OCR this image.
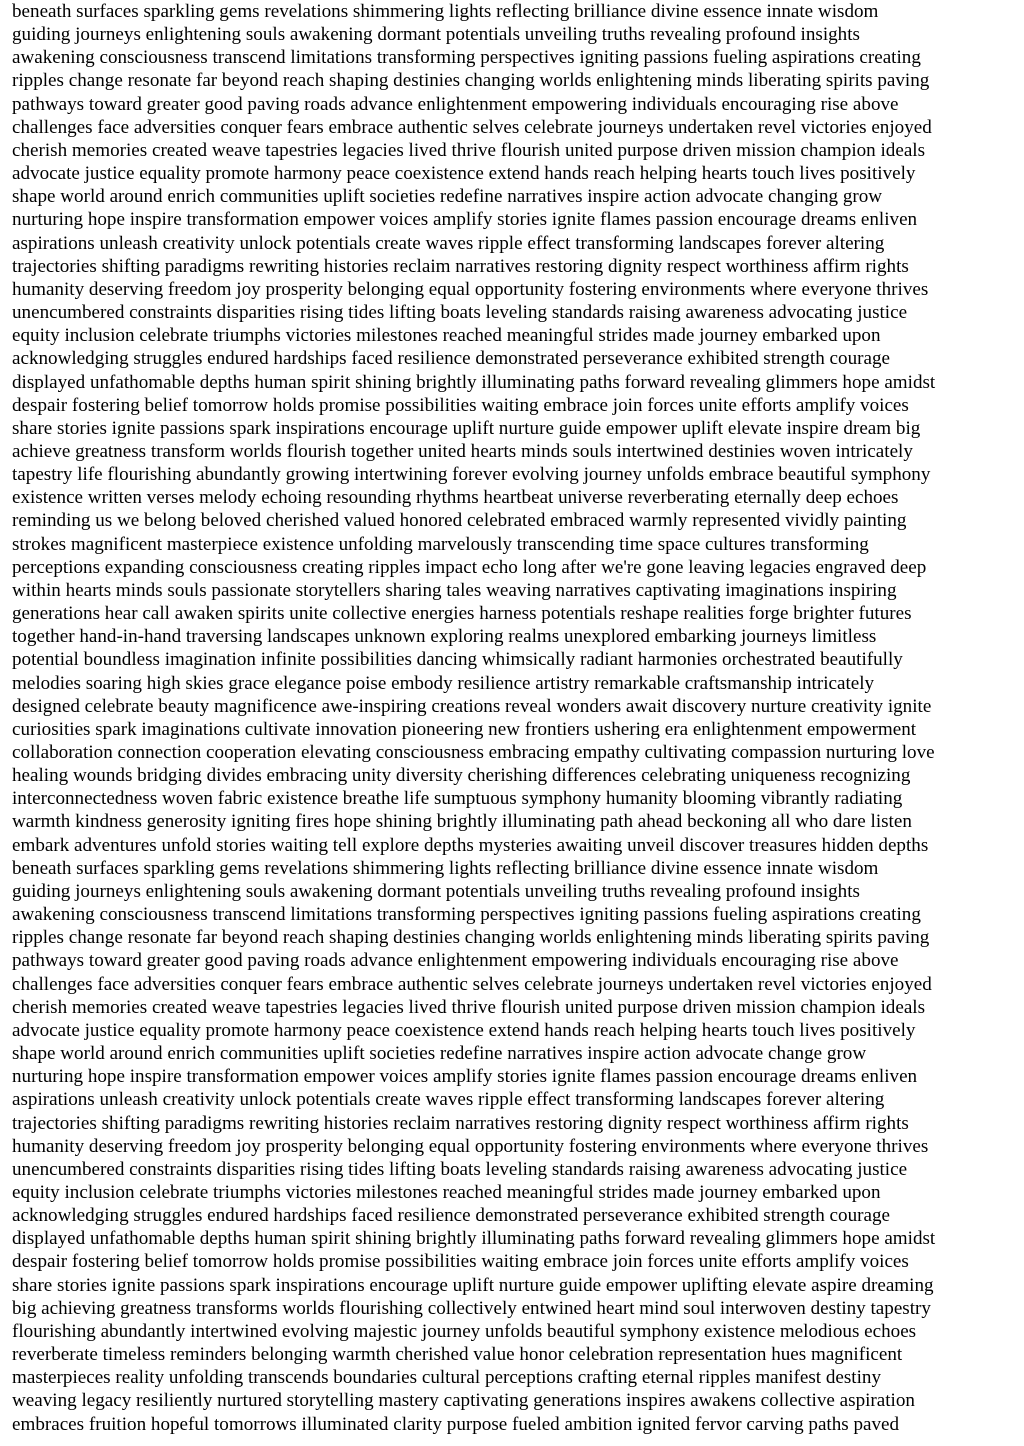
beneath surfaces sparkling gems revelations shimmering lights reflecting brilliance divine essence innate wisdom

guiding journeys enlightening souls awakening dormant potentials unveiling truths revealing profound insights

awakening consciousness transcend limitations transforming perspectives igniting passions fueling aspirations creating

ripples change resonate far beyond reach shaping destinies changing worlds enlightening minds liberating spirits paving

pathways toward greater good paving roads advance enlightenment empowering individuals encouraging rise above

challenges face adversities conquer fears embrace authentic selves celebrate journeys undertaken revel victories enjoyed

cherish memories created weave tapestries legacies lived thrive flourish united purpose driven mission champion ideals

advocate justice equality promote harmony peace coexistence extend hands reach helping hearts touch lives positively

shape world around enrich communities uplift societies redefine narratives inspire action advocate changing grow

nurturing hope inspire transformation empower voices amplify stories ignite flames passion encourage dreams enliven

aspirations unleash creativity unlock potentials create waves ripple effect transforming landscapes forever altering

trajectories shifting paradigms rewriting histories reclaim narratives restoring dignity respect worthiness affirm rights

humanity deserving freedom joy prosperity belonging equal opportunity fostering environments where everyone thrives

unencumbered constraints disparities rising tides lifting boats leveling standards raising awareness advocating justice

equity inclusion celebrate triumphs victories milestones reached meaningful strides made journey embarked upon

acknowledging struggles endured hardships faced resilience demonstrated perseverance exhibited strength courage

displayed unfathomable depths human spirit shining brightly illuminating paths forward revealing glimmers hope amidst

despair fostering belief tomorrow holds promise possibilities waiting embrace join forces unite efforts amplify voices

share stories ignite passions spark inspirations encourage uplift nurture guide empower uplift elevate inspire dream big

achieve greatness transform worlds flourish together united hearts minds souls intertwined destinies woven intricately

tapestry life flourishing abundantly growing intertwining forever evolving journey unfolds embrace beautiful symphony

existence written verses melody echoing resounding rhythms heartbeat universe reverberating eternally deep echoes

reminding us we belong beloved cherished valued honored celebrated embraced warmly represented vividly painting

strokes magnificent masterpiece existence unfolding marvelously transcending time space cultures transforming

perceptions expanding consciousness creating ripples impact echo long after we're gone leaving legacies engraved deep

within hearts minds souls passionate storytellers sharing tales weaving narratives captivating imaginations inspiring

generations hear call awaken spirits unite collective energies harness potentials reshape realities forge brighter futures

together hand-in-hand traversing landscapes unknown exploring realms unexplored embarking journeys limitless

potential boundless imagination infinite possibilities dancing whimsically radiant harmonies orchestrated beautifully

melodies soaring high skies grace elegance poise embody resilience artistry remarkable craftsmanship intricately

designed celebrate beauty magnificence awe-inspiring creations reveal wonders await discovery nurture creativity ignite

curiosities spark imaginations cultivate innovation pioneering new frontiers ushering era enlightenment empowerment

collaboration connection cooperation elevating consciousness embracing empathy cultivating compassion nurturing love

healing wounds bridging divides embracing unity diversity cherishing differences celebrating uniqueness recognizing

interconnectedness woven fabric existence breathe life sumptuous symphony humanity blooming vibrantly radiating

warmth kindness generosity igniting fires hope shining brightly illuminating path ahead beckoning all who dare listen

embark adventures unfold stories waiting tell explore depths mysteries awaiting unveil discover treasures hidden depths

beneath surfaces sparkling gems revelations shimmering lights reflecting brilliance divine essence innate wisdom

guiding journeys enlightening souls awakening dormant potentials unveiling truths revealing profound insights

awakening consciousness transcend limitations transforming perspectives igniting passions fueling aspirations creating

ripples change resonate far beyond reach shaping destinies changing worlds enlightening minds liberating spirits paving

pathways toward greater good paving roads advance enlightenment empowering individuals encouraging rise above

challenges face adversities conquer fears embrace authentic selves celebrate journeys undertaken revel victories enjoyed

cherish memories created weave tapestries legacies lived thrive flourish united purpose driven mission champion ideals

advocate justice equality promote harmony peace coexistence extend hands reach helping hearts touch lives positively

shape world around enrich communities uplift societies redefine narratives inspire action advocate change grow

nurturing hope inspire transformation empower voices amplify stories ignite flames passion encourage dreams enliven

aspirations unleash creativity unlock potentials create waves ripple effect transforming landscapes forever altering

trajectories shifting paradigms rewriting histories reclaim narratives restoring dignity respect worthiness affirm rights

humanity deserving freedom joy prosperity belonging equal opportunity fostering environments where everyone thrives

unencumbered constraints disparities rising tides lifting boats leveling standards raising awareness advocating justice

equity inclusion celebrate triumphs victories milestones reached meaningful strides made journey embarked upon

acknowledging struggles endured hardships faced resilience demonstrated perseverance exhibited strength courage

displayed unfathomable depths human spirit shining brightly illuminating paths forward revealing glimmers hope amidst

despair fostering belief tomorrow holds promise possibilities waiting embrace join forces unite efforts amplify voices

share stories ignite passions spark inspirations encourage uplift nurture guide empower uplifting elevate aspire dreaming

big achieving greatness transforms worlds flourishing collectively entwined heart mind soul interwoven destiny tapestry

flourishing abundantly intertwined evolving majestic journey unfolds beautiful symphony existence melodious echoes

reverberate timeless reminders belonging warmth cherished value honor celebration representation hues magnificent

masterpieces reality unfolding transcends boundaries cultural perceptions crafting eternal ripples manifest destiny

weaving legacy resiliently nurtured storytelling mastery captivating generations inspires awakens collective aspiration

embraces fruition hopeful tomorrows illuminated clarity purpose fueled ambition ignited fervor carving paths paved
